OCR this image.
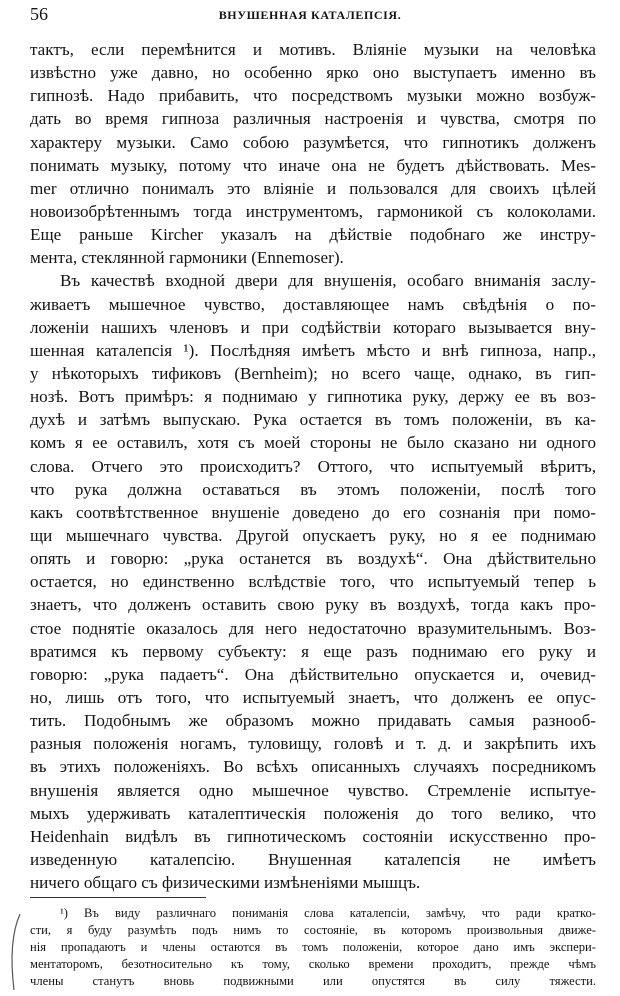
56	ВНУШЕННАЯ КАТАЛЕПСІЯ.
тактъ, если перемѣнится и мотивъ. Вліяніе музыки на человѣка
извѣстно уже давно, но особенно ярко оно выступаетъ именно въ
гипнозѣ. Надо прибавить, что посредствомъ музыки можно возбуж-
дать во время гипноза различныя настроенія и чувства, смотря по
характеру музыки. Само собою разумѣется, что гипнотикъ долженъ
понимать музыку, потому что иначе она не будетъ дѣйствовать. Mes-
mer отлично понималъ это вліяніе и пользовался для своихъ цѣлей
новоизобрѣтеннымъ тогда инструментомъ, гармоникой съ колоколами.
Еще раньше Kircher указалъ на дѣйствіе подобнаго же инстру-
мента, стеклянной гармоники (Ennemoser).
Въ качествѣ входной двери для внушенія, особаго вниманія заслу-
живаетъ мышечное чувство, доставляющее намъ свѣдѣнія о по-
ложеніи нашихъ членовъ и при содѣйствіи котораго вызывается вну-
шенная каталепсія ¹). Послѣдняя имѣетъ мѣсто и внѣ гипноза, напр.,
у нѣкоторыхъ тификовъ (Bernheim); но всего чаще, однако, въ гип-
нозѣ. Вотъ примѣръ: я поднимаю у гипнотика руку, держу ее въ воз-
духѣ и затѣмъ выпускаю. Рука остается въ томъ положеніи, въ ка-
комъ я ее оставилъ, хотя съ моей стороны не было сказано ни одного
слова. Отчего это происходитъ? Оттого, что испытуемый вѣритъ,
что рука должна оставаться въ этомъ положеніи, послѣ того
какъ соотвѣтственное внушеніе доведено до его сознанія при помо-
щи мышечнаго чувства. Другой опускаетъ руку, но я ее поднимаю
опять и говорю: „рука останется въ воздухѣ“. Она дѣйствительно
остается, но единственно вслѣдствіе того, что испытуемый тепер ь
знаетъ, что долженъ оставить свою руку въ воздухѣ, тогда какъ про-
стое поднятіе оказалось для него недостаточно вразумительнымъ. Воз-
вратимся къ первому субъекту: я еще разъ поднимаю его руку и
говорю: „рука падаетъ“. Она дѣйствительно опускается и, очевид-
но, лишь отъ того, что испытуемый знаетъ, что долженъ ее опус-
тить. Подобнымъ же образомъ можно придавать самыя разнооб-
разныя положенія ногамъ, туловищу, головѣ и т. д. и закрѣпить ихъ
въ этихъ положеніяхъ. Во всѣхъ описанныхъ случаяхъ посредникомъ
внушенія является одно мышечное чувство. Стремленіе испытуе-
мыхъ удерживать каталептическія положенія до того велико, что
Heidenhain видѣлъ въ гипнотическомъ состояніи искусственно про-
изведенную каталепсію. Внушенная каталепсія не имѣетъ
ничего общаго съ физическими измѣненіями мышцъ.
¹) Въ виду различнаго пониманія слова каталепсіи, замѣчу, что ради кратко-
сти, я буду разумѣть подъ нимъ то состояніе, въ которомъ произвольныя движе-
нія пропадаютъ и члены остаются въ томъ положеніи, которое дано имъ экспери-
ментаторомъ, безотносительно къ тому, сколько времени проходитъ, прежде чѣмъ
члены станутъ вновь подвижными или опустятся въ силу тяжести.
